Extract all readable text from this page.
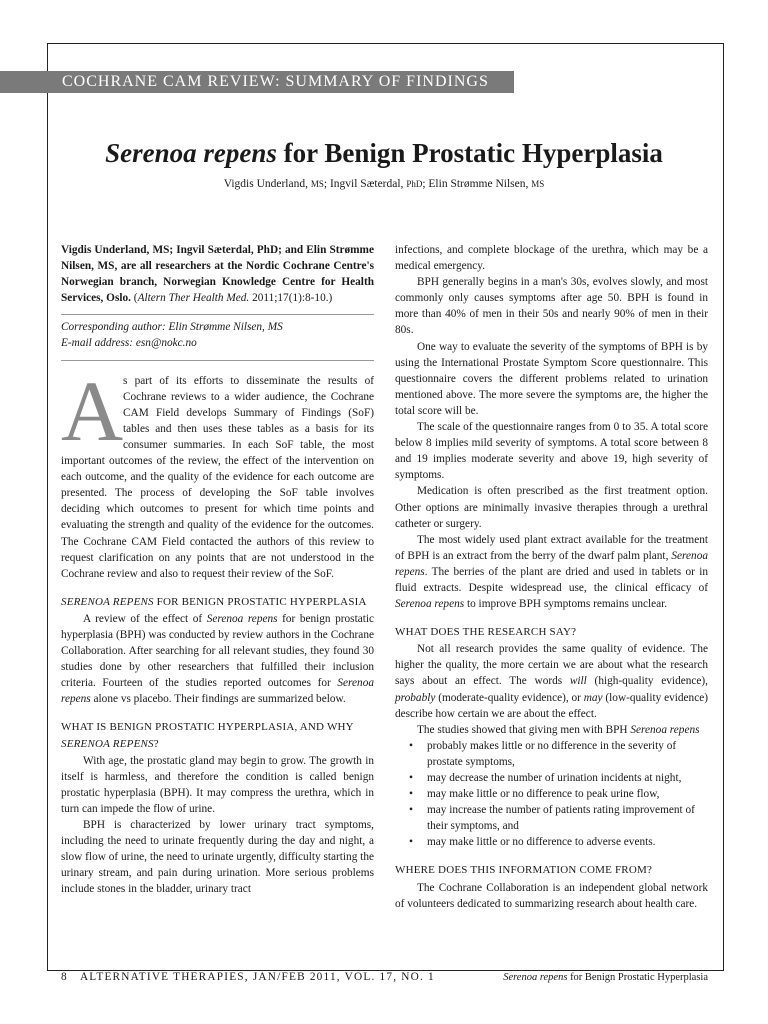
COCHRANE CAM REVIEW: SUMMARY OF FINDINGS
Serenoa repens for Benign Prostatic Hyperplasia
Vigdis Underland, MS; Ingvil Sæterdal, PhD; Elin Strømme Nilsen, MS

Vigdis Underland, MS; Ingvil Sæterdal, PhD; and Elin Strømme Nilsen, MS, are all researchers at the Nordic Cochrane Centre's Norwegian branch, Norwegian Knowledge Centre for Health Services, Oslo. (Altern Ther Health Med. 2011;17(1):8-10.)

Corresponding author: Elin Strømme Nilsen, MS

E-mail address: esn@nokc.no

As part of its efforts to disseminate the results of Cochrane reviews to a wider audience, the Cochrane CAM Field develops Summary of Findings (SoF) tables and then uses these tables as a basis for its consumer summaries. In each SoF table, the most important outcomes of the review, the effect of the intervention on each outcome, and the quality of the evidence for each outcome are presented. The process of developing the SoF table involves deciding which outcomes to present for which time points and evaluating the strength and quality of the evidence for the outcomes. The Cochrane CAM Field contacted the authors of this review to request clarification on any points that are not understood in the Cochrane review and also to request their review of the SoF.

SERENOA REPENS FOR BENIGN PROSTATIC HYPERPLASIA

A review of the effect of Serenoa repens for benign prostatic hyperplasia (BPH) was conducted by review authors in the Cochrane Collaboration. After searching for all relevant studies, they found 30 studies done by other researchers that fulfilled their inclusion criteria. Fourteen of the studies reported outcomes for Serenoa repens alone vs placebo. Their findings are summarized below.

WHAT IS BENIGN PROSTATIC HYPERPLASIA, AND WHY
SERENOA REPENS?

With age, the prostatic gland may begin to grow. The growth in itself is harmless, and therefore the condition is called benign prostatic hyperplasia (BPH). It may compress the urethra, which in turn can impede the flow of urine.

BPH is characterized by lower urinary tract symptoms, including the need to urinate frequently during the day and night, a slow flow of urine, the need to urinate urgently, difficulty starting the urinary stream, and pain during urination. More serious problems include stones in the bladder, urinary tract

infections, and complete blockage of the urethra, which may be a medical emergency.

BPH generally begins in a man's 30s, evolves slowly, and most commonly only causes symptoms after age 50. BPH is found in more than 40% of men in their 50s and nearly 90% of men in their 80s.

One way to evaluate the severity of the symptoms of BPH is by using the International Prostate Symptom Score questionnaire. This questionnaire covers the different problems related to urination mentioned above. The more severe the symptoms are, the higher the total score will be.

The scale of the questionnaire ranges from 0 to 35. A total score below 8 implies mild severity of symptoms. A total score between 8 and 19 implies moderate severity and above 19, high severity of symptoms.

Medication is often prescribed as the first treatment option. Other options are minimally invasive therapies through a urethral catheter or surgery.

The most widely used plant extract available for the treatment of BPH is an extract from the berry of the dwarf palm plant, Serenoa repens. The berries of the plant are dried and used in tablets or in fluid extracts. Despite widespread use, the clinical efficacy of Serenoa repens to improve BPH symptoms remains unclear.

WHAT DOES THE RESEARCH SAY?

Not all research provides the same quality of evidence. The higher the quality, the more certain we are about what the research says about an effect. The words will (high-quality evidence), probably (moderate-quality evidence), or may (low-quality evidence) describe how certain we are about the effect.

The studies showed that giving men with BPH Serenoa repens

• probably makes little or no difference in the severity of prostate symptoms,
• may decrease the number of urination incidents at night,
• may make little or no difference to peak urine flow,
• may increase the number of patients rating improvement of their symptoms, and
• may make little or no difference to adverse events.
WHERE DOES THIS INFORMATION COME FROM?

The Cochrane Collaboration is an independent global network of volunteers dedicated to summarizing research about health care.

8 ALTERNATIVE THERAPIES, JAN/FEB 2011, VOL. 17, NO. 1	Serenoa repens for Benign Prostatic Hyperplasia
